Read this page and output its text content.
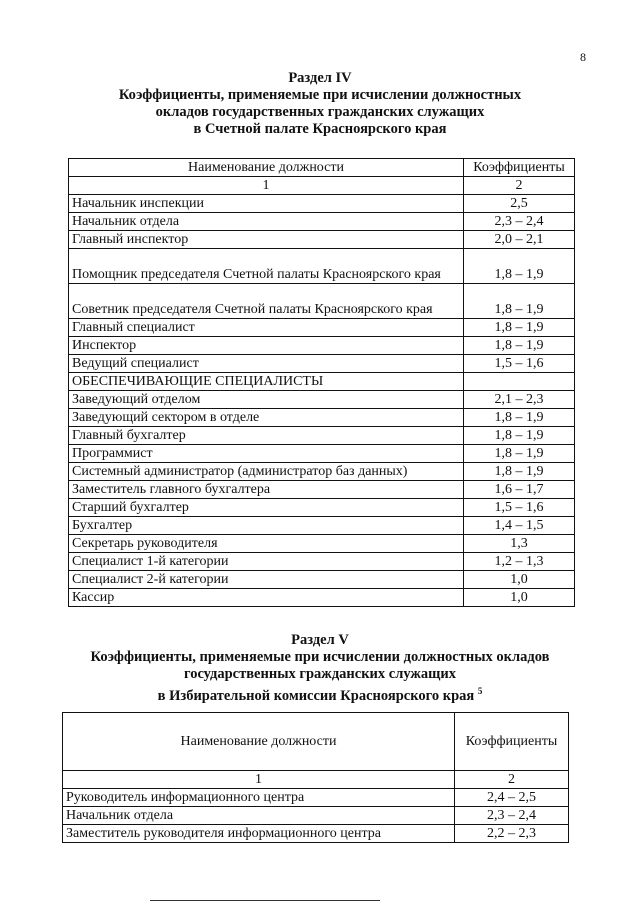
8
Раздел IV
Коэффициенты, применяемые при исчислении должностных
окладов государственных гражданских служащих
в Счетной палате Красноярского края
Наименование должности	Коэффициенты
1	2
Начальник инспекции	2,5
Начальник отдела	2,3 – 2,4
Главный инспектор	2,0 – 2,1
Помощник председателя Счетной палаты Красноярского края	1,8 – 1,9
Советник председателя Счетной палаты Красноярского края	1,8 – 1,9
Главный специалист	1,8 – 1,9
Инспектор	1,8 – 1,9
Ведущий специалист	1,5 – 1,6
ОБЕСПЕЧИВАЮЩИЕ СПЕЦИАЛИСТЫ	
Заведующий отделом	2,1 – 2,3
Заведующий сектором в отделе	1,8 – 1,9
Главный бухгалтер	1,8 – 1,9
Программист	1,8 – 1,9
Системный администратор (администратор баз данных)	1,8 – 1,9
Заместитель главного бухгалтера	1,6 – 1,7
Старший бухгалтер	1,5 – 1,6
Бухгалтер	1,4 – 1,5
Секретарь руководителя	1,3
Специалист 1-й категории	1,2 – 1,3
Специалист 2-й категории	1,0
Кассир	1,0
Раздел V
Коэффициенты, применяемые при исчислении должностных окладов
государственных гражданских служащих
в Избирательной комиссии Красноярского края $^5$
Наименование должности	Коэффициенты
1	2
Руководитель информационного центра	2,4 – 2,5
Начальник отдела	2,3 – 2,4
Заместитель руководителя информационного центра	2,2 – 2,3
